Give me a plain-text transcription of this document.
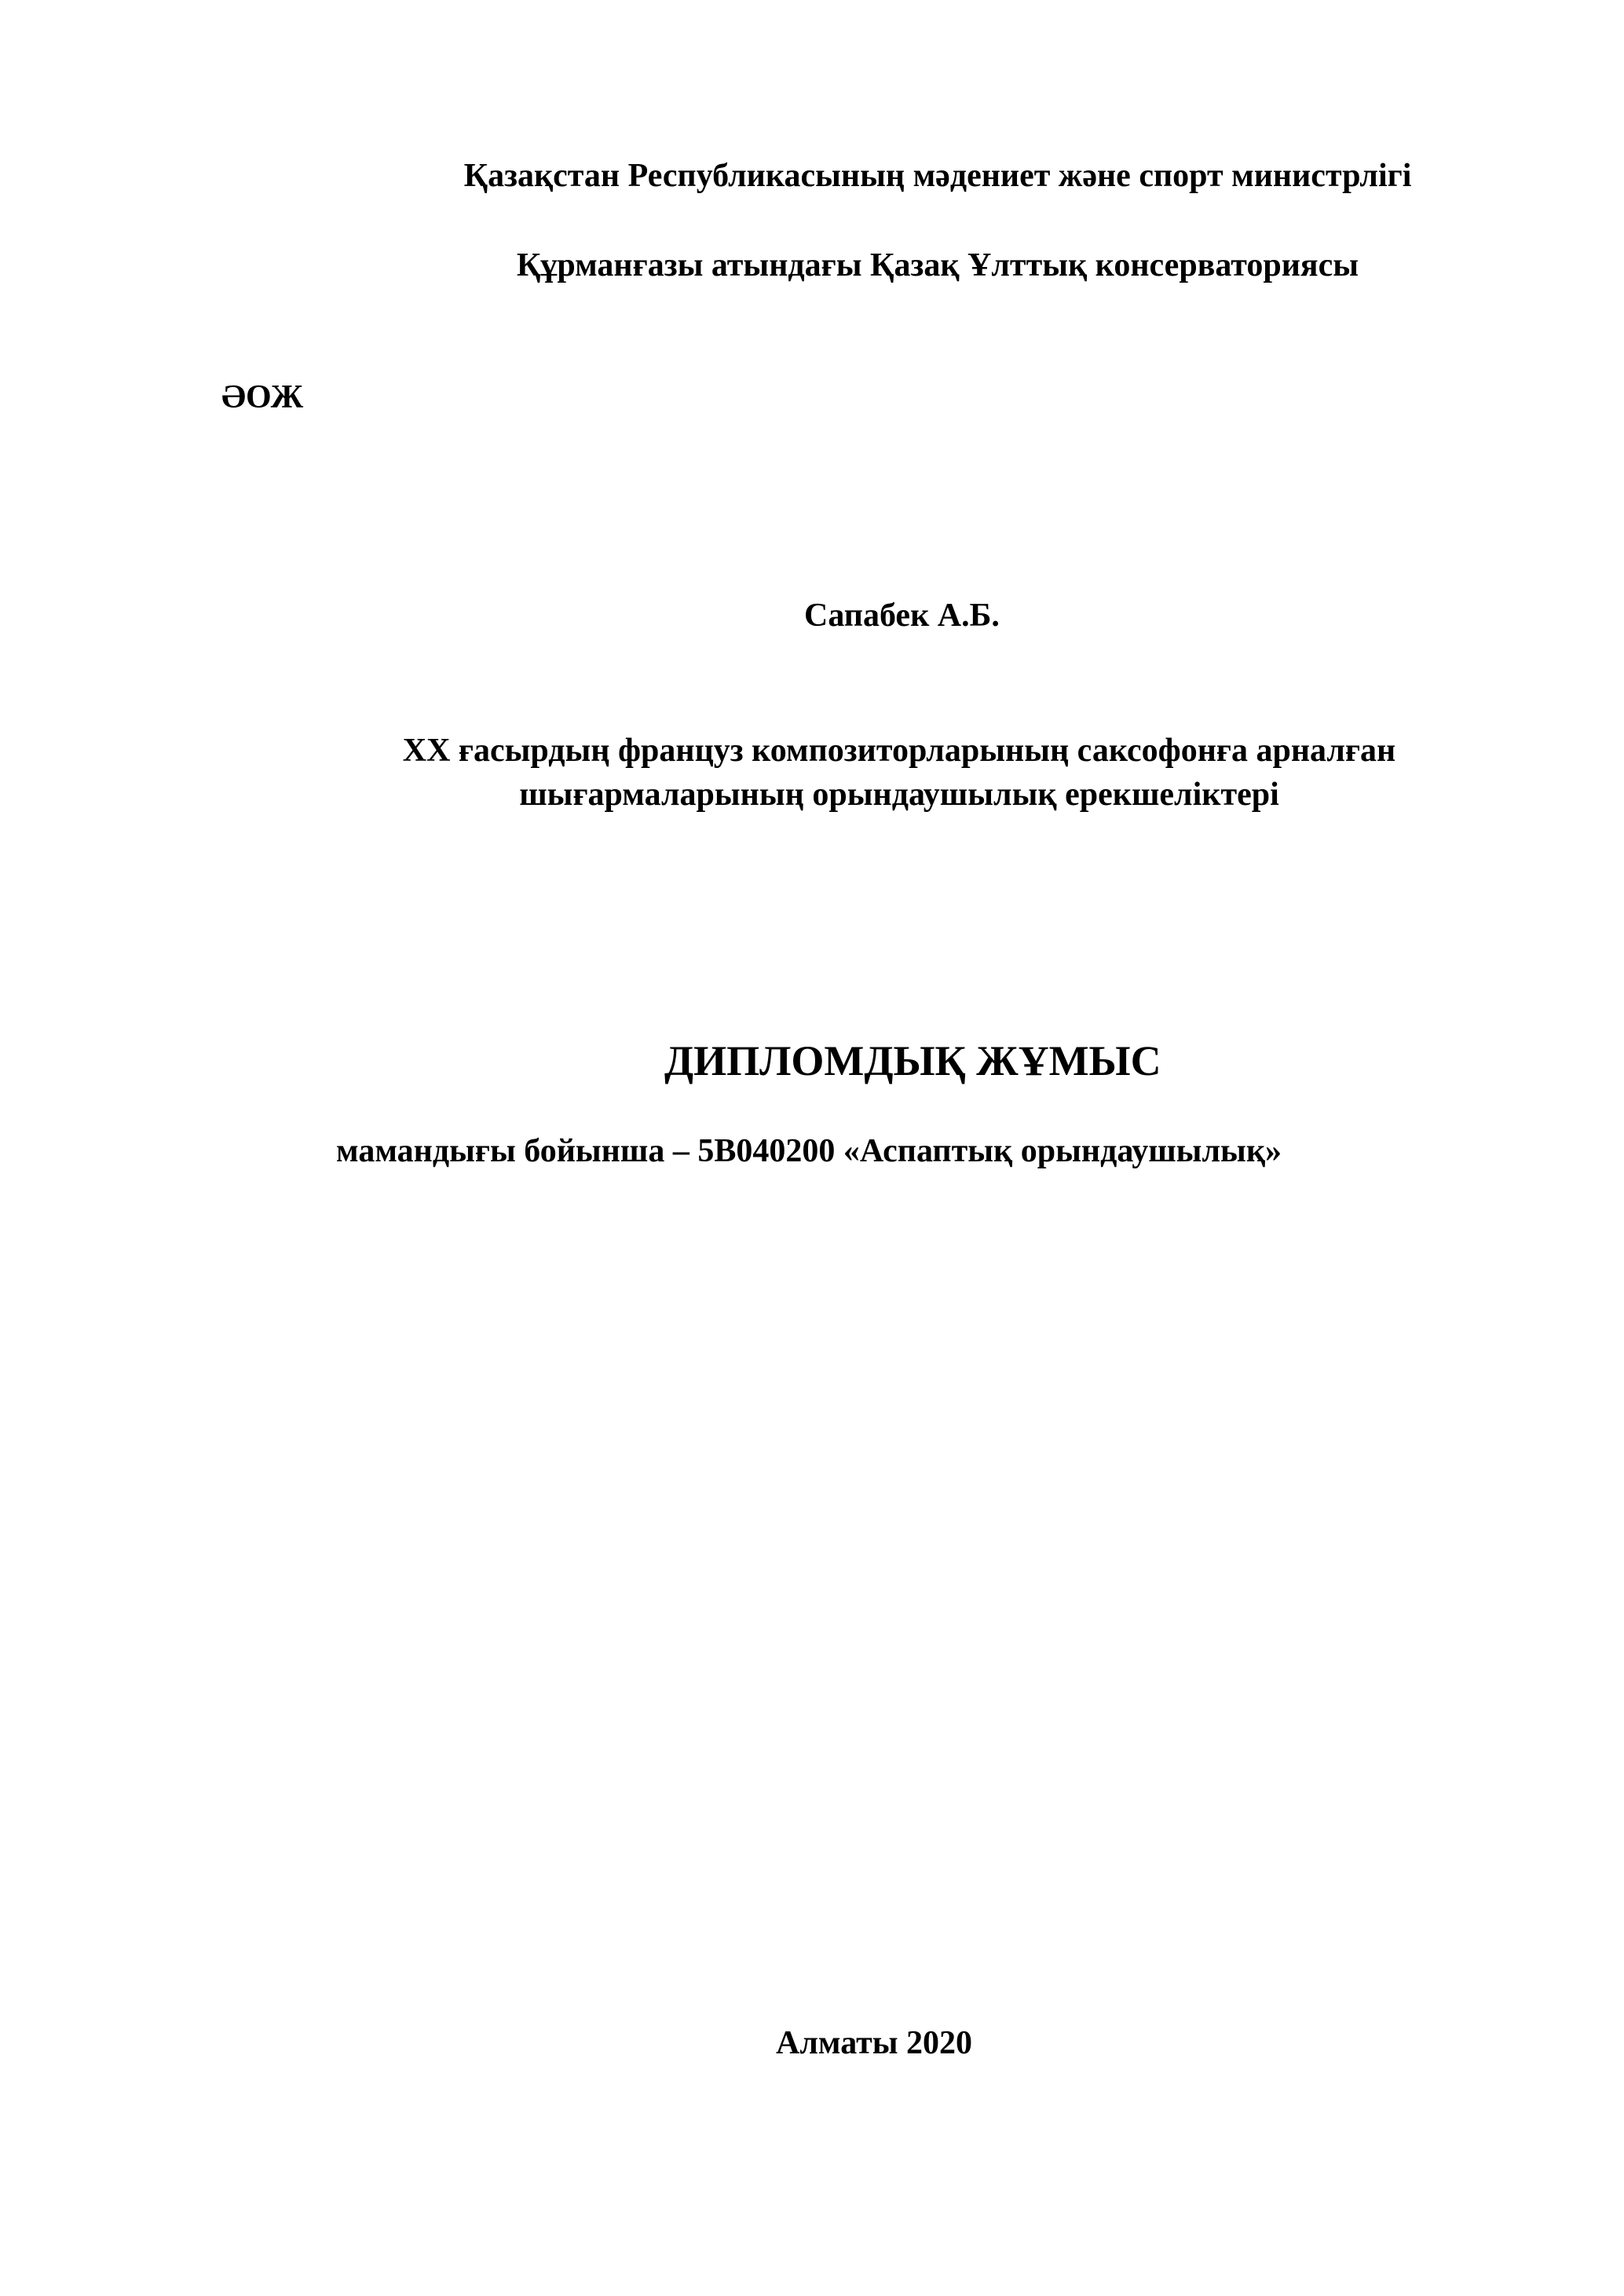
Қазақстан Республикасының мәдениет және спорт министрлігі

Құрманғазы атындағы Қазақ Ұлттық консерваториясы

ӘОЖ

Сапабек А.Б.

ХХ ғасырдың француз композиторларының саксофонға арналған
шығармаларының орындаушылық ерекшеліктері

ДИПЛОМДЫҚ ЖҰМЫС

мамандығы бойынша – 5В040200 «Аспаптық орындаушылық»

Алматы 2020
